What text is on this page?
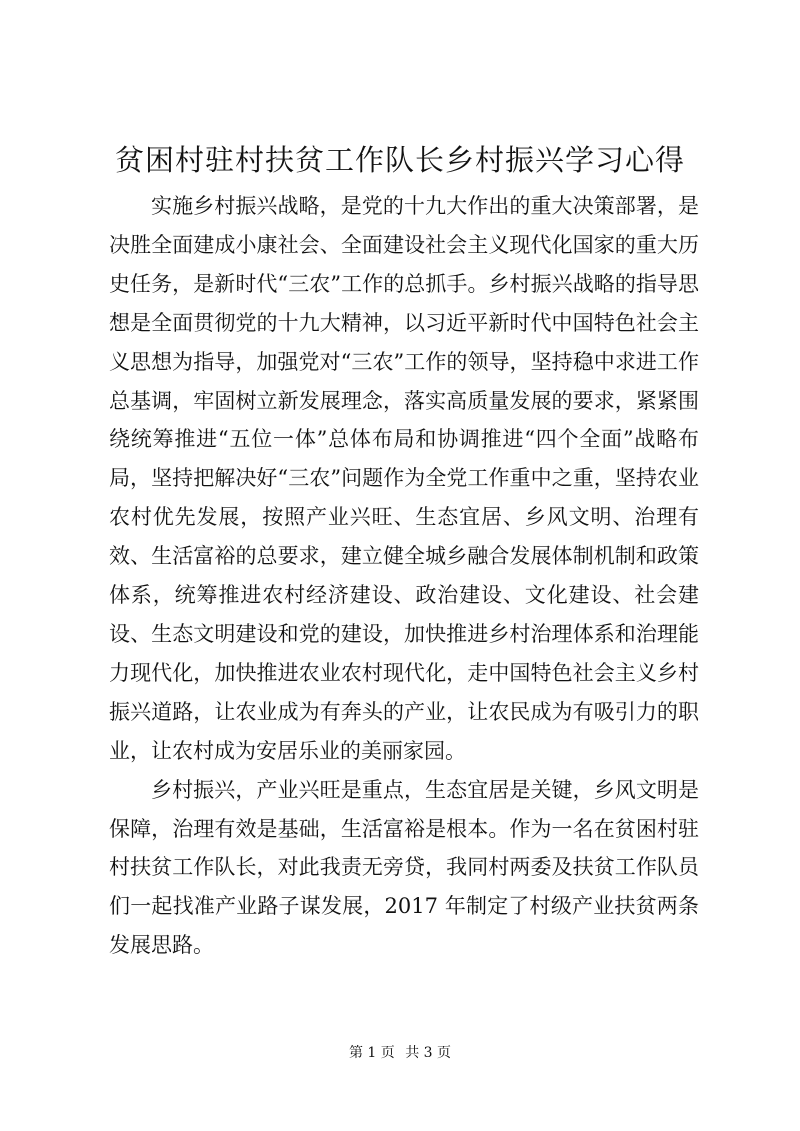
贫困村驻村扶贫工作队长乡村振兴学习心得

实施乡村振兴战略，是党的十九大作出的重大决策部署，是决胜全面建成小康社会、全面建设社会主义现代化国家的重大历史任务，是新时代“三农”工作的总抓手。乡村振兴战略的指导思想是全面贯彻党的十九大精神，以习近平新时代中国特色社会主义思想为指导，加强党对“三农”工作的领导，坚持稳中求进工作总基调，牢固树立新发展理念，落实高质量发展的要求，紧紧围绕统筹推进“五位一体”总体布局和协调推进“四个全面”战略布局，坚持把解决好“三农”问题作为全党工作重中之重，坚持农业农村优先发展，按照产业兴旺、生态宜居、乡风文明、治理有效、生活富裕的总要求，建立健全城乡融合发展体制机制和政策体系，统筹推进农村经济建设、政治建设、文化建设、社会建设、生态文明建设和党的建设，加快推进乡村治理体系和治理能力现代化，加快推进农业农村现代化，走中国特色社会主义乡村振兴道路，让农业成为有奔头的产业，让农民成为有吸引力的职业，让农村成为安居乐业的美丽家园。

乡村振兴，产业兴旺是重点，生态宜居是关键，乡风文明是保障，治理有效是基础，生活富裕是根本。作为一名在贫困村驻村扶贫工作队长，对此我责无旁贷，我同村两委及扶贫工作队员们一起找准产业路子谋发展，2017 年制定了村级产业扶贫两条发展思路。

第 1 页 共 3 页
